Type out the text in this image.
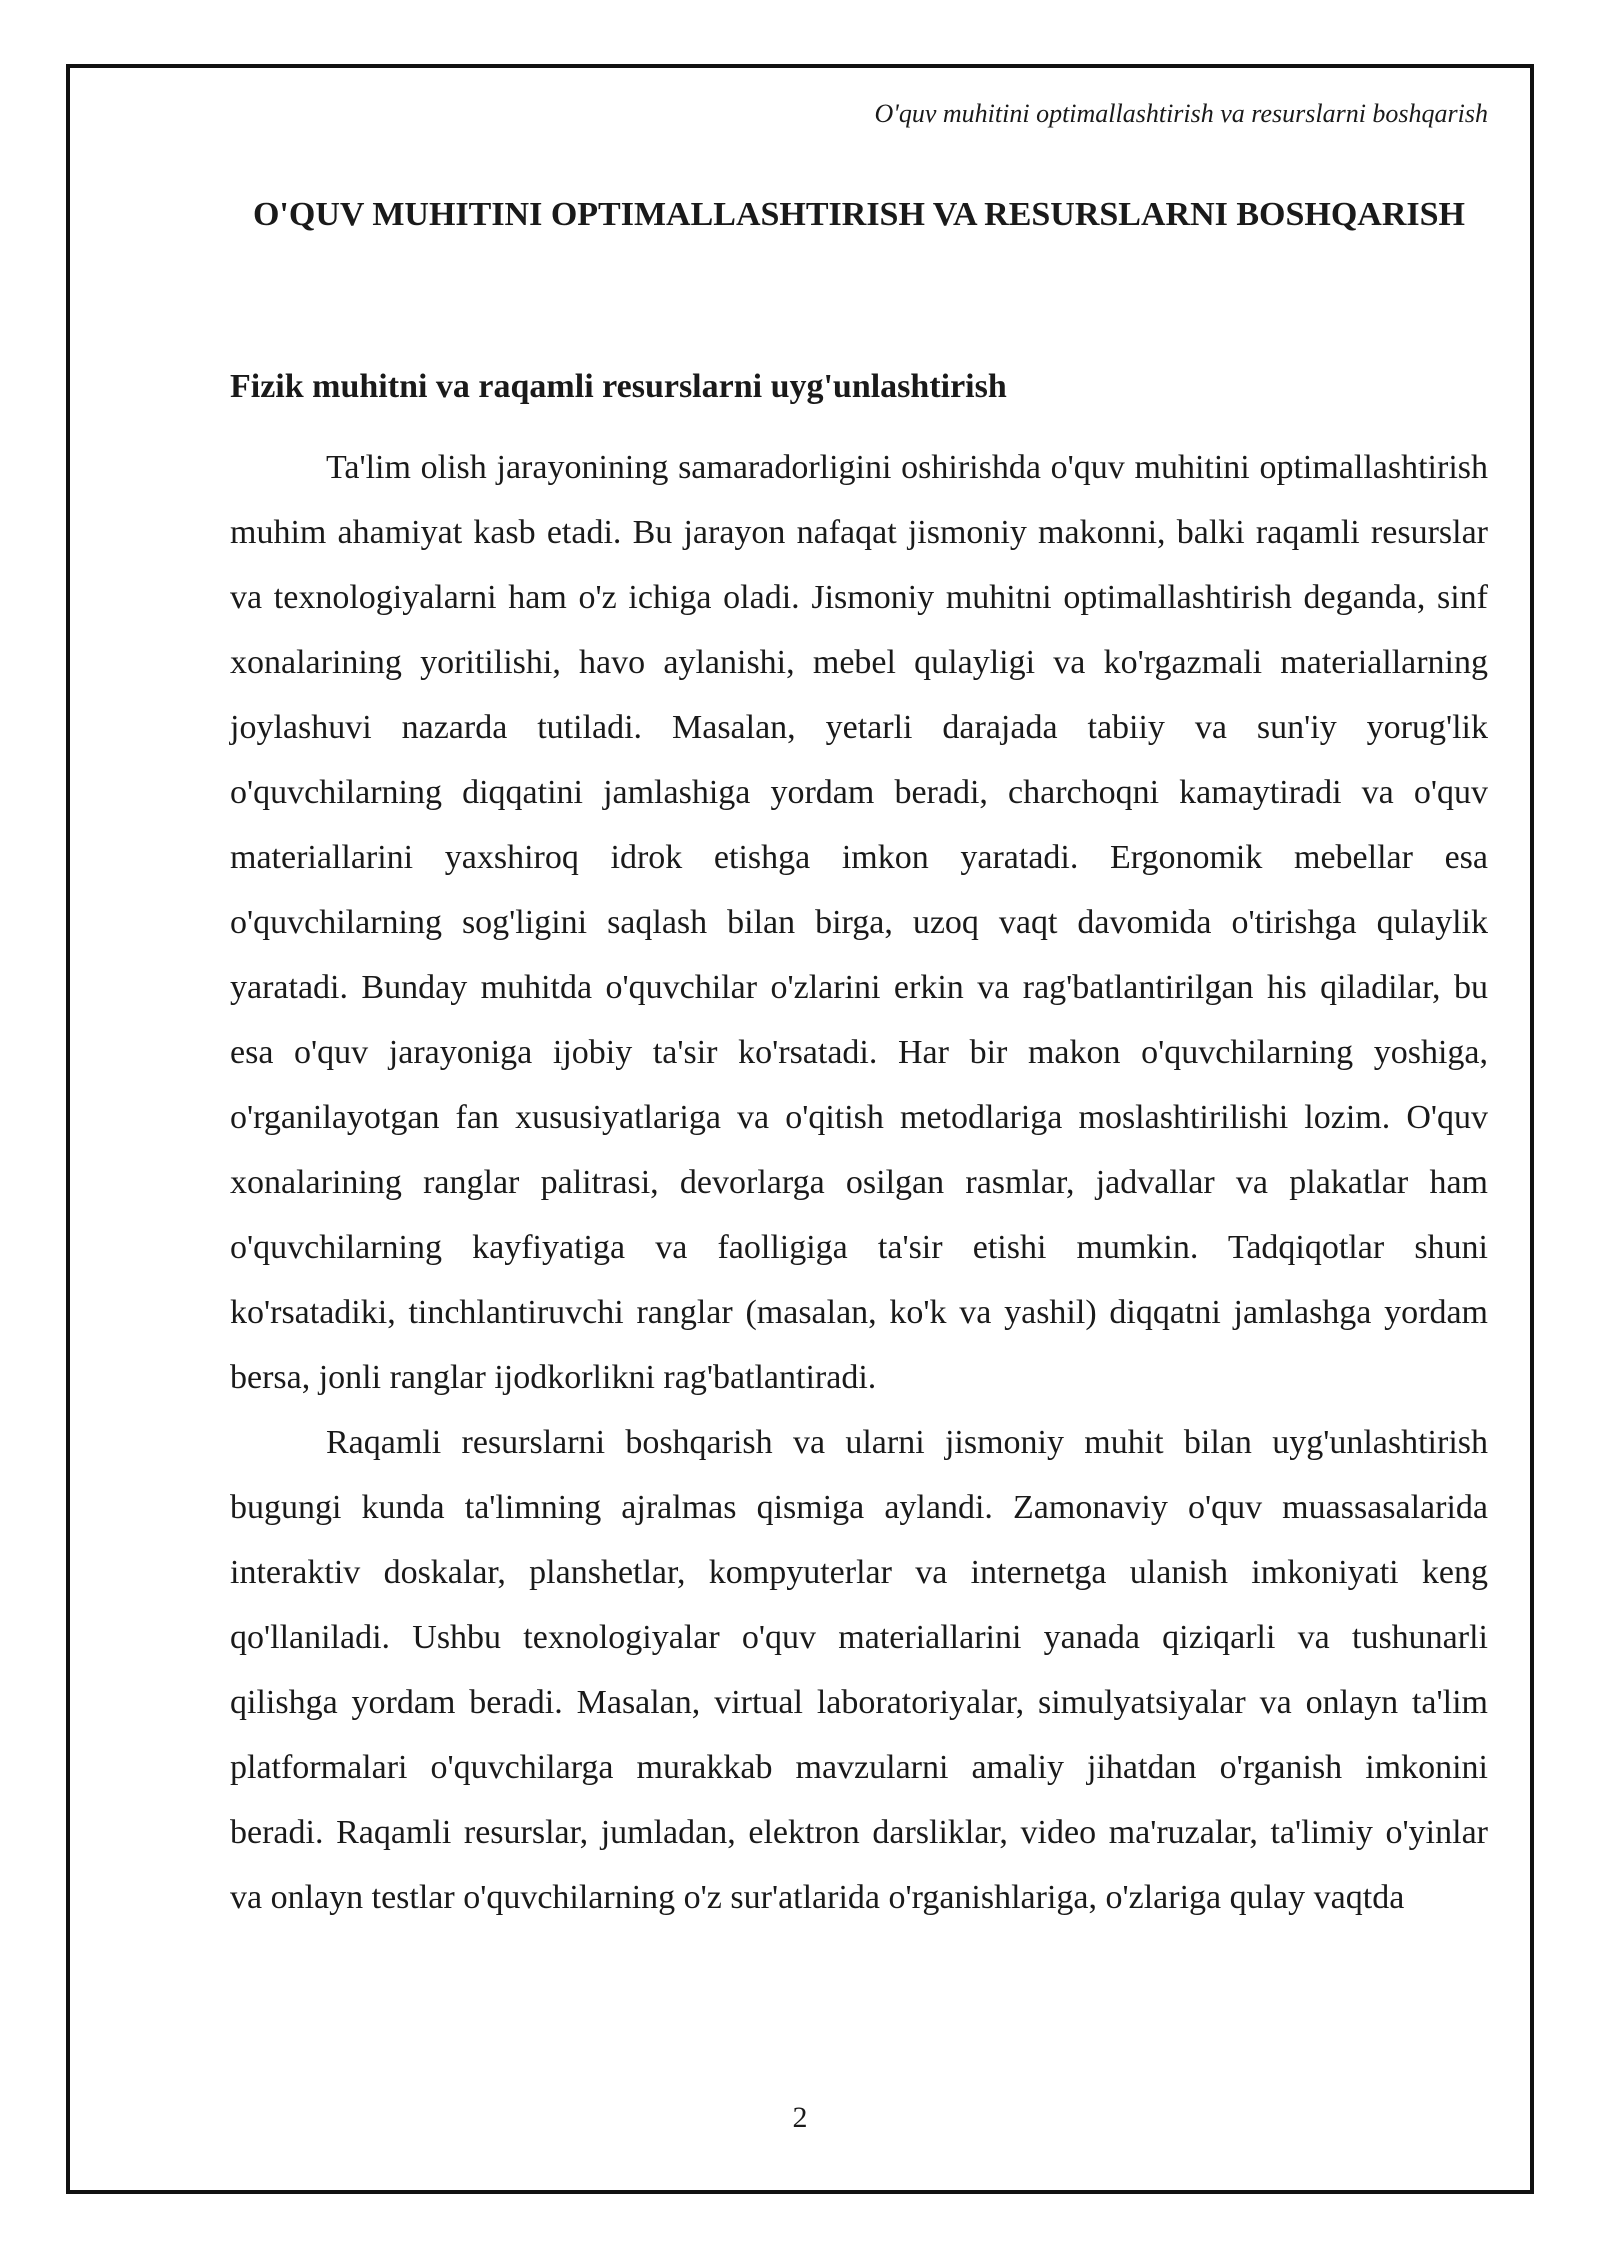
O'quv muhitini optimallashtirish va resurslarni boshqarish
O'QUV MUHITINI OPTIMALLASHTIRISH VA RESURSLARNI BOSHQARISH
Fizik muhitni va raqamli resurslarni uyg'unlashtirish

Ta'lim olish jarayonining samaradorligini oshirishda o'quv muhitini optimallashtirish muhim ahamiyat kasb etadi. Bu jarayon nafaqat jismoniy makonni, balki raqamli resurslar va texnologiyalarni ham o'z ichiga oladi. Jismoniy muhitni optimallashtirish deganda, sinf xonalarining yoritilishi, havo aylanishi, mebel qulayligi va ko'rgazmali materiallarning joylashuvi nazarda tutiladi. Masalan, yetarli darajada tabiiy va sun'iy yorug'lik o'quvchilarning diqqatini jamlashiga yordam beradi, charchoqni kamaytiradi va o'quv materiallarini yaxshiroq idrok etishga imkon yaratadi. Ergonomik mebellar esa o'quvchilarning sog'ligini saqlash bilan birga, uzoq vaqt davomida o'tirishga qulaylik yaratadi. Bunday muhitda o'quvchilar o'zlarini erkin va rag'batlantirilgan his qiladilar, bu esa o'quv jarayoniga ijobiy ta'sir ko'rsatadi. Har bir makon o'quvchilarning yoshiga, o'rganilayotgan fan xususiyatlariga va o'qitish metodlariga moslashtirilishi lozim. O'quv xonalarining ranglar palitrasi, devorlarga osilgan rasmlar, jadvallar va plakatlar ham o'quvchilarning kayfiyatiga va faolligiga ta'sir etishi mumkin. Tadqiqotlar shuni ko'rsatadiki, tinchlantiruvchi ranglar (masalan, ko'k va yashil) diqqatni jamlashga yordam bersa, jonli ranglar ijodkorlikni rag'batlantiradi.

Raqamli resurslarni boshqarish va ularni jismoniy muhit bilan uyg'unlashtirish bugungi kunda ta'limning ajralmas qismiga aylandi. Zamonaviy o'quv muassasalarida interaktiv doskalar, planshetlar, kompyuterlar va internetga ulanish imkoniyati keng qo'llaniladi. Ushbu texnologiyalar o'quv materiallarini yanada qiziqarli va tushunarli qilishga yordam beradi. Masalan, virtual laboratoriyalar, simulyatsiyalar va onlayn ta'lim platformalari o'quvchilarga murakkab mavzularni amaliy jihatdan o'rganish imkonini beradi. Raqamli resurslar, jumladan, elektron darsliklar, video ma'ruzalar, ta'limiy o'yinlar va onlayn testlar o'quvchilarning o'z sur'atlarida o'rganishlariga, o'zlariga qulay vaqtda

2
